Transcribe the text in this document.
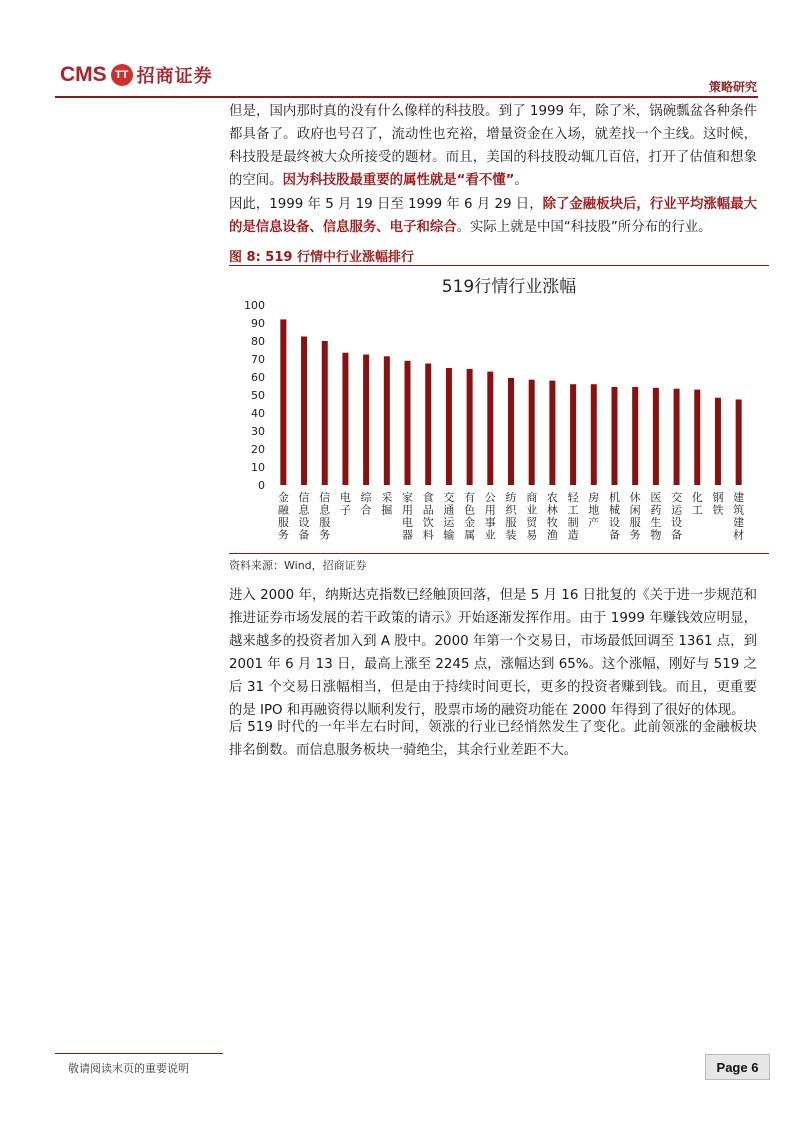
CMS TT 招商证券	策略研究
但是，国内那时真的没有什么像样的科技股。到了 1999 年，除了米，锅碗瓢盆各种条件都具备了。政府也号召了，流动性也充裕，增量资金在入场，就差找一个主线。这时候，科技股是最终被大众所接受的题材。而且，美国的科技股动辄几百倍，打开了估值和想象的空间。因为科技股最重要的属性就是“看不懂”。
因此，1999 年 5 月 19 日至 1999 年 6 月 29 日，除了金融板块后，行业平均涨幅最大的是信息设备、信息服务、电子和综合。实际上就是中国“科技股”所分布的行业。
图 8: 519 行情中行业涨幅排行
519行情行业涨幅
0
10
20
30
40
50
60
70
80
90
100
金融服务
信息设备
信息服务
电子
综合
采掘
家用电器
食品饮料
交通运输
有色金属
公用事业
纺织服装
商业贸易
农林牧渔
轻工制造
房地产
机械设备
休闲服务
医药生物
交运设备
化工
钢铁
建筑建材
资料来源：Wind，招商证券
进入 2000 年，纳斯达克指数已经触顶回落，但是 5 月 16 日批复的《关于进一步规范和推进证券市场发展的若干政策的请示》开始逐渐发挥作用。由于 1999 年赚钱效应明显，越来越多的投资者加入到 A 股中。2000 年第一个交易日，市场最低回调至 1361 点，到 2001 年 6 月 13 日，最高上涨至 2245 点，涨幅达到 65%。这个涨幅，刚好与 519 之后 31 个交易日涨幅相当，但是由于持续时间更长，更多的投资者赚到钱。而且，更重要的是 IPO 和再融资得以顺利发行，股票市场的融资功能在 2000 年得到了很好的体现。
后 519 时代的一年半左右时间，领涨的行业已经悄然发生了变化。此前领涨的金融板块排名倒数。而信息服务板块一骑绝尘，其余行业差距不大。
敬请阅读末页的重要说明	Page 6
